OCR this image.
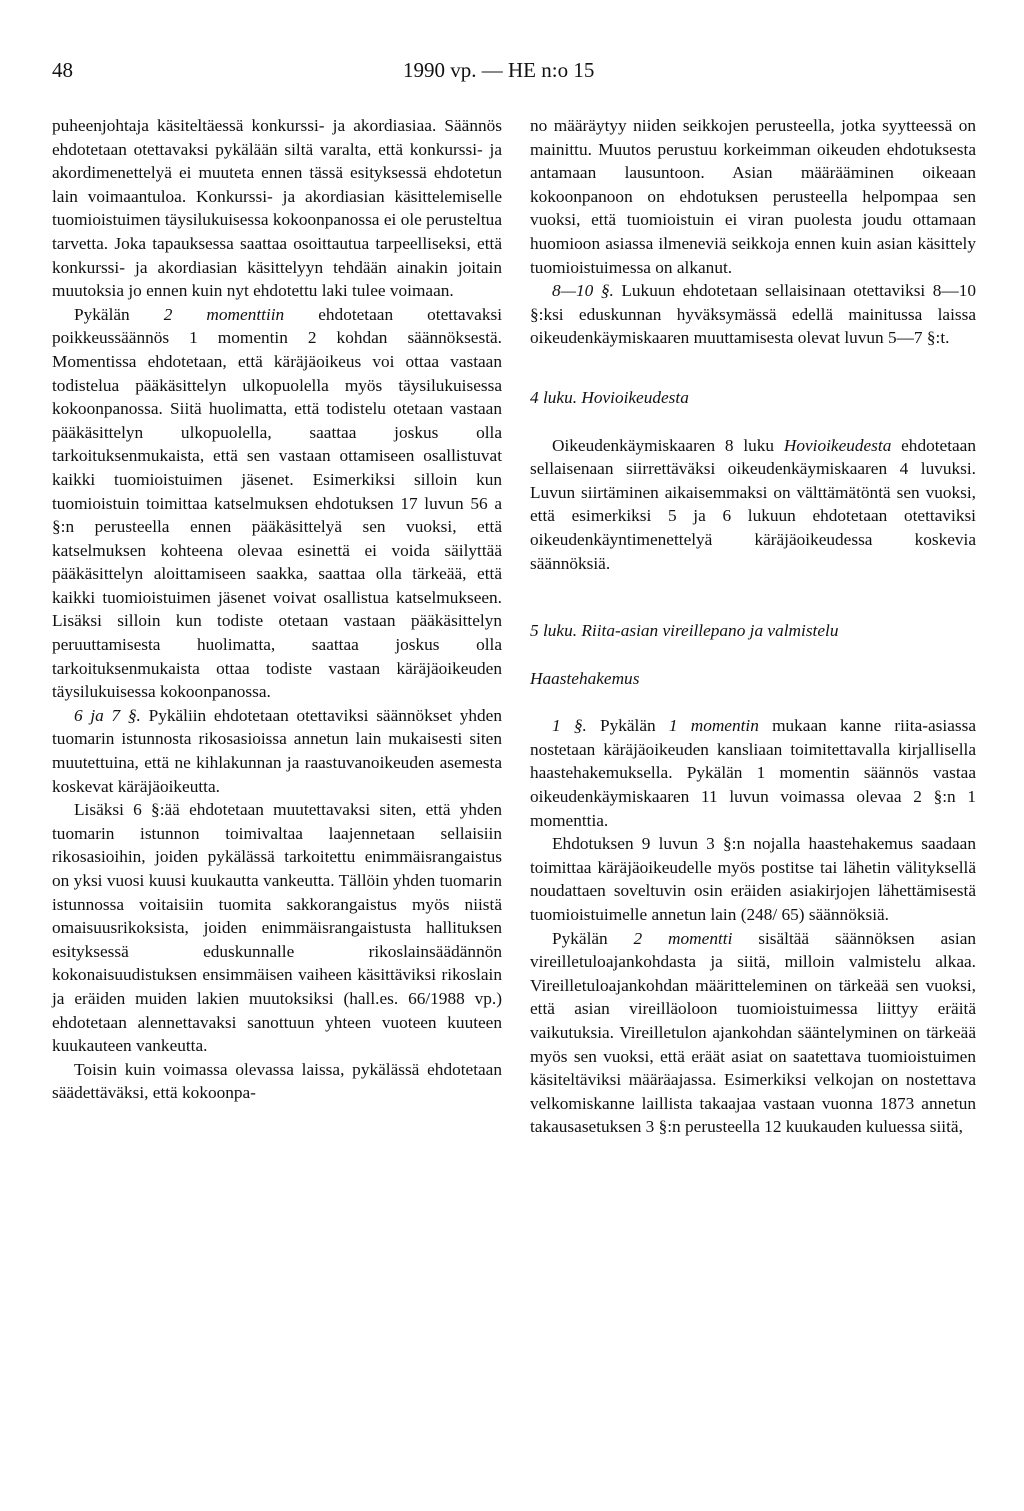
48	1990 vp. — HE n:o 15

puheenjohtaja käsiteltäessä konkurssi- ja akordiasiaa. Säännös ehdotetaan otettavaksi pykälään siltä varalta, että konkurssi- ja akordimenettelyä ei muuteta ennen tässä esityksessä ehdotetun lain voimaantuloa. Konkurssi- ja akordiasian käsittelemiselle tuomioistuimen täysilukuisessa kokoonpanossa ei ole perusteltua tarvetta. Joka tapauksessa saattaa osoittautua tarpeelliseksi, että konkurssi- ja akordiasian käsittelyyn tehdään ainakin joitain muutoksia jo ennen kuin nyt ehdotettu laki tulee voimaan.

Pykälän 2 momenttiin ehdotetaan otettavaksi poikkeussäännös 1 momentin 2 kohdan säännöksestä. Momentissa ehdotetaan, että käräjäoikeus voi ottaa vastaan todistelua pääkäsittelyn ulkopuolella myös täysilukuisessa kokoonpanossa. Siitä huolimatta, että todistelu otetaan vastaan pääkäsittelyn ulkopuolella, saattaa joskus olla tarkoituksenmukaista, että sen vastaan ottamiseen osallistuvat kaikki tuomioistuimen jäsenet. Esimerkiksi silloin kun tuomioistuin toimittaa katselmuksen ehdotuksen 17 luvun 56 a §:n perusteella ennen pääkäsittelyä sen vuoksi, että katselmuksen kohteena olevaa esinettä ei voida säilyttää pääkäsittelyn aloittamiseen saakka, saattaa olla tärkeää, että kaikki tuomioistuimen jäsenet voivat osallistua katselmukseen. Lisäksi silloin kun todiste otetaan vastaan pääkäsittelyn peruuttamisesta huolimatta, saattaa joskus olla tarkoituksenmukaista ottaa todiste vastaan käräjäoikeuden täysilukuisessa kokoonpanossa.

6 ja 7 §. Pykäliin ehdotetaan otettaviksi säännökset yhden tuomarin istunnosta rikosasioissa annetun lain mukaisesti siten muutettuina, että ne kihlakunnan ja raastuvanoikeuden asemesta koskevat käräjäoikeutta.

Lisäksi 6 §:ää ehdotetaan muutettavaksi siten, että yhden tuomarin istunnon toimivaltaa laajennetaan sellaisiin rikosasioihin, joiden pykälässä tarkoitettu enimmäisrangaistus on yksi vuosi kuusi kuukautta vankeutta. Tällöin yhden tuomarin istunnossa voitaisiin tuomita sakkorangaistus myös niistä omaisuusrikoksista, joiden enimmäisrangaistusta hallituksen esityksessä eduskunnalle rikoslainsäädännön kokonaisuudistuksen ensimmäisen vaiheen käsittäviksi rikoslain ja eräiden muiden lakien muutoksiksi (hall.es. 66/1988 vp.) ehdotetaan alennettavaksi sanottuun yhteen vuoteen kuuteen kuukauteen vankeutta.

Toisin kuin voimassa olevassa laissa, pykälässä ehdotetaan säädettäväksi, että kokoonpa-

no määräytyy niiden seikkojen perusteella, jotka syytteessä on mainittu. Muutos perustuu korkeimman oikeuden ehdotuksesta antamaan lausuntoon. Asian määrääminen oikeaan kokoonpanoon on ehdotuksen perusteella helpompaa sen vuoksi, että tuomioistuin ei viran puolesta joudu ottamaan huomioon asiassa ilmeneviä seikkoja ennen kuin asian käsittely tuomioistuimessa on alkanut.

8—10 §. Lukuun ehdotetaan sellaisinaan otettaviksi 8—10 §:ksi eduskunnan hyväksymässä edellä mainitussa laissa oikeudenkäymiskaaren muuttamisesta olevat luvun 5—7 §:t.

4 luku. Hovioikeudesta

Oikeudenkäymiskaaren 8 luku Hovioikeudesta ehdotetaan sellaisenaan siirrettäväksi oikeudenkäymiskaaren 4 luvuksi. Luvun siirtäminen aikaisemmaksi on välttämätöntä sen vuoksi, että esimerkiksi 5 ja 6 lukuun ehdotetaan otettaviksi oikeudenkäyntimenettelyä käräjäoikeudessa koskevia säännöksiä.

5 luku. Riita-asian vireillepano ja valmistelu

Haastehakemus

1 §. Pykälän 1 momentin mukaan kanne riita-asiassa nostetaan käräjäoikeuden kansliaan toimitettavalla kirjallisella haastehakemuksella. Pykälän 1 momentin säännös vastaa oikeudenkäymiskaaren 11 luvun voimassa olevaa 2 §:n 1 momenttia.

Ehdotuksen 9 luvun 3 §:n nojalla haastehakemus saadaan toimittaa käräjäoikeudelle myös postitse tai lähetin välityksellä noudattaen soveltuvin osin eräiden asiakirjojen lähettämisestä tuomioistuimelle annetun lain (248/ 65) säännöksiä.

Pykälän 2 momentti sisältää säännöksen asian vireilletuloajankohdasta ja siitä, milloin valmistelu alkaa. Vireilletuloajankohdan määritteleminen on tärkeää sen vuoksi, että asian vireilläoloon tuomioistuimessa liittyy eräitä vaikutuksia. Vireilletulon ajankohdan sääntelyminen on tärkeää myös sen vuoksi, että eräät asiat on saatettava tuomioistuimen käsiteltäviksi määräajassa. Esimerkiksi velkojan on nostettava velkomiskanne laillista takaajaa vastaan vuonna 1873 annetun takausasetuksen 3 §:n perusteella 12 kuukauden kuluessa siitä,
